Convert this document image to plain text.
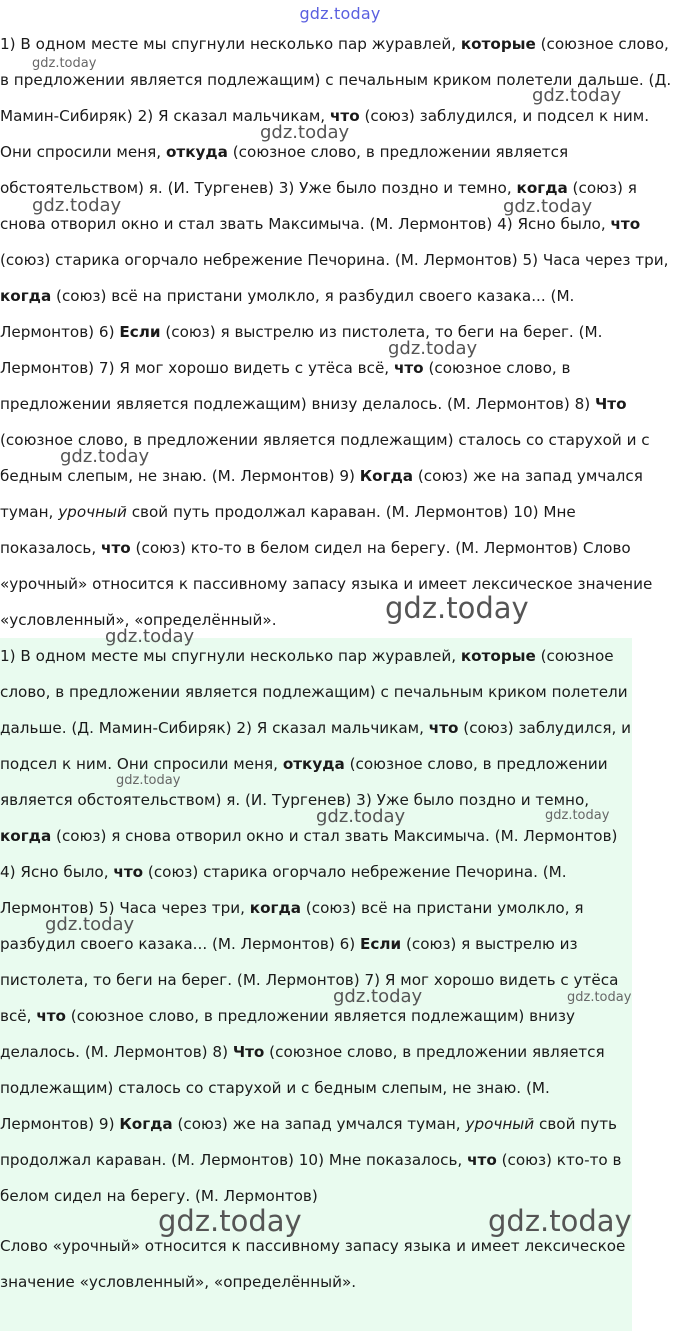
gdz.today

1) В одном месте мы спугнули несколько пар журавлей, которые (союзное слово, в предложении является подлежащим) с печальным криком полетели дальше. (Д. Мамин-Сибиряк) 2) Я сказал мальчикам, что (союз) заблудился, и подсел к ним. Они спросили меня, откуда (союзное слово, в предложении является обстоятельством) я. (И. Тургенев) 3) Уже было поздно и темно, когда (союз) я снова отворил окно и стал звать Максимыча. (М. Лермонтов) 4) Ясно было, что (союз) старика огорчало небрежение Печорина. (М. Лермонтов) 5) Часа через три, когда (союз) всё на пристани умолкло, я разбудил своего казака... (М. Лермонтов) 6) Если (союз) я выстрелю из пистолета, то беги на берег. (М. Лермонтов) 7) Я мог хорошо видеть с утёса всё, что (союзное слово, в предложении является подлежащим) внизу делалось. (М. Лермонтов) 8) Что (союзное слово, в предложении является подлежащим) сталось со старухой и с бедным слепым, не знаю. (М. Лермонтов) 9) Когда (союз) же на запад умчался туман, урочный свой путь продолжал караван. (М. Лермонтов) 10) Мне показалось, что (союз) кто-то в белом сидел на берегу. (М. Лермонтов) Слово «урочный» относится к пассивному запасу языка и имеет лексическое значение «условленный», «определённый».

1) В одном месте мы спугнули несколько пар журавлей, которые (союзное слово, в предложении является подлежащим) с печальным криком полетели дальше. (Д. Мамин-Сибиряк) 2) Я сказал мальчикам, что (союз) заблудился, и подсел к ним. Они спросили меня, откуда (союзное слово, в предложении является обстоятельством) я. (И. Тургенев) 3) Уже было поздно и темно, когда (союз) я снова отворил окно и стал звать Максимыча. (М. Лермонтов) 4) Ясно было, что (союз) старика огорчало небрежение Печорина. (М. Лермонтов) 5) Часа через три, когда (союз) всё на пристани умолкло, я разбудил своего казака... (М. Лермонтов) 6) Если (союз) я выстрелю из пистолета, то беги на берег. (М. Лермонтов) 7) Я мог хорошо видеть с утёса всё, что (союзное слово, в предложении является подлежащим) внизу делалось. (М. Лермонтов) 8) Что (союзное слово, в предложении является подлежащим) сталось со старухой и с бедным слепым, не знаю. (М. Лермонтов) 9) Когда (союз) же на запад умчался туман, урочный свой путь продолжал караван. (М. Лермонтов) 10) Мне показалось, что (союз) кто-то в белом сидел на берегу. (М. Лермонтов)

Слово «урочный» относится к пассивному запасу языка и имеет лексическое значение «условленный», «определённый».

gdz.today
gdz.today
gdz.today
gdz.today	gdz.today
gdz.today
gdz.today
gdz.today
gdz.today
gdz.today
gdz.today	gdz.today
gdz.today
gdz.today	gdz.today
gdz.today	gdz.today
